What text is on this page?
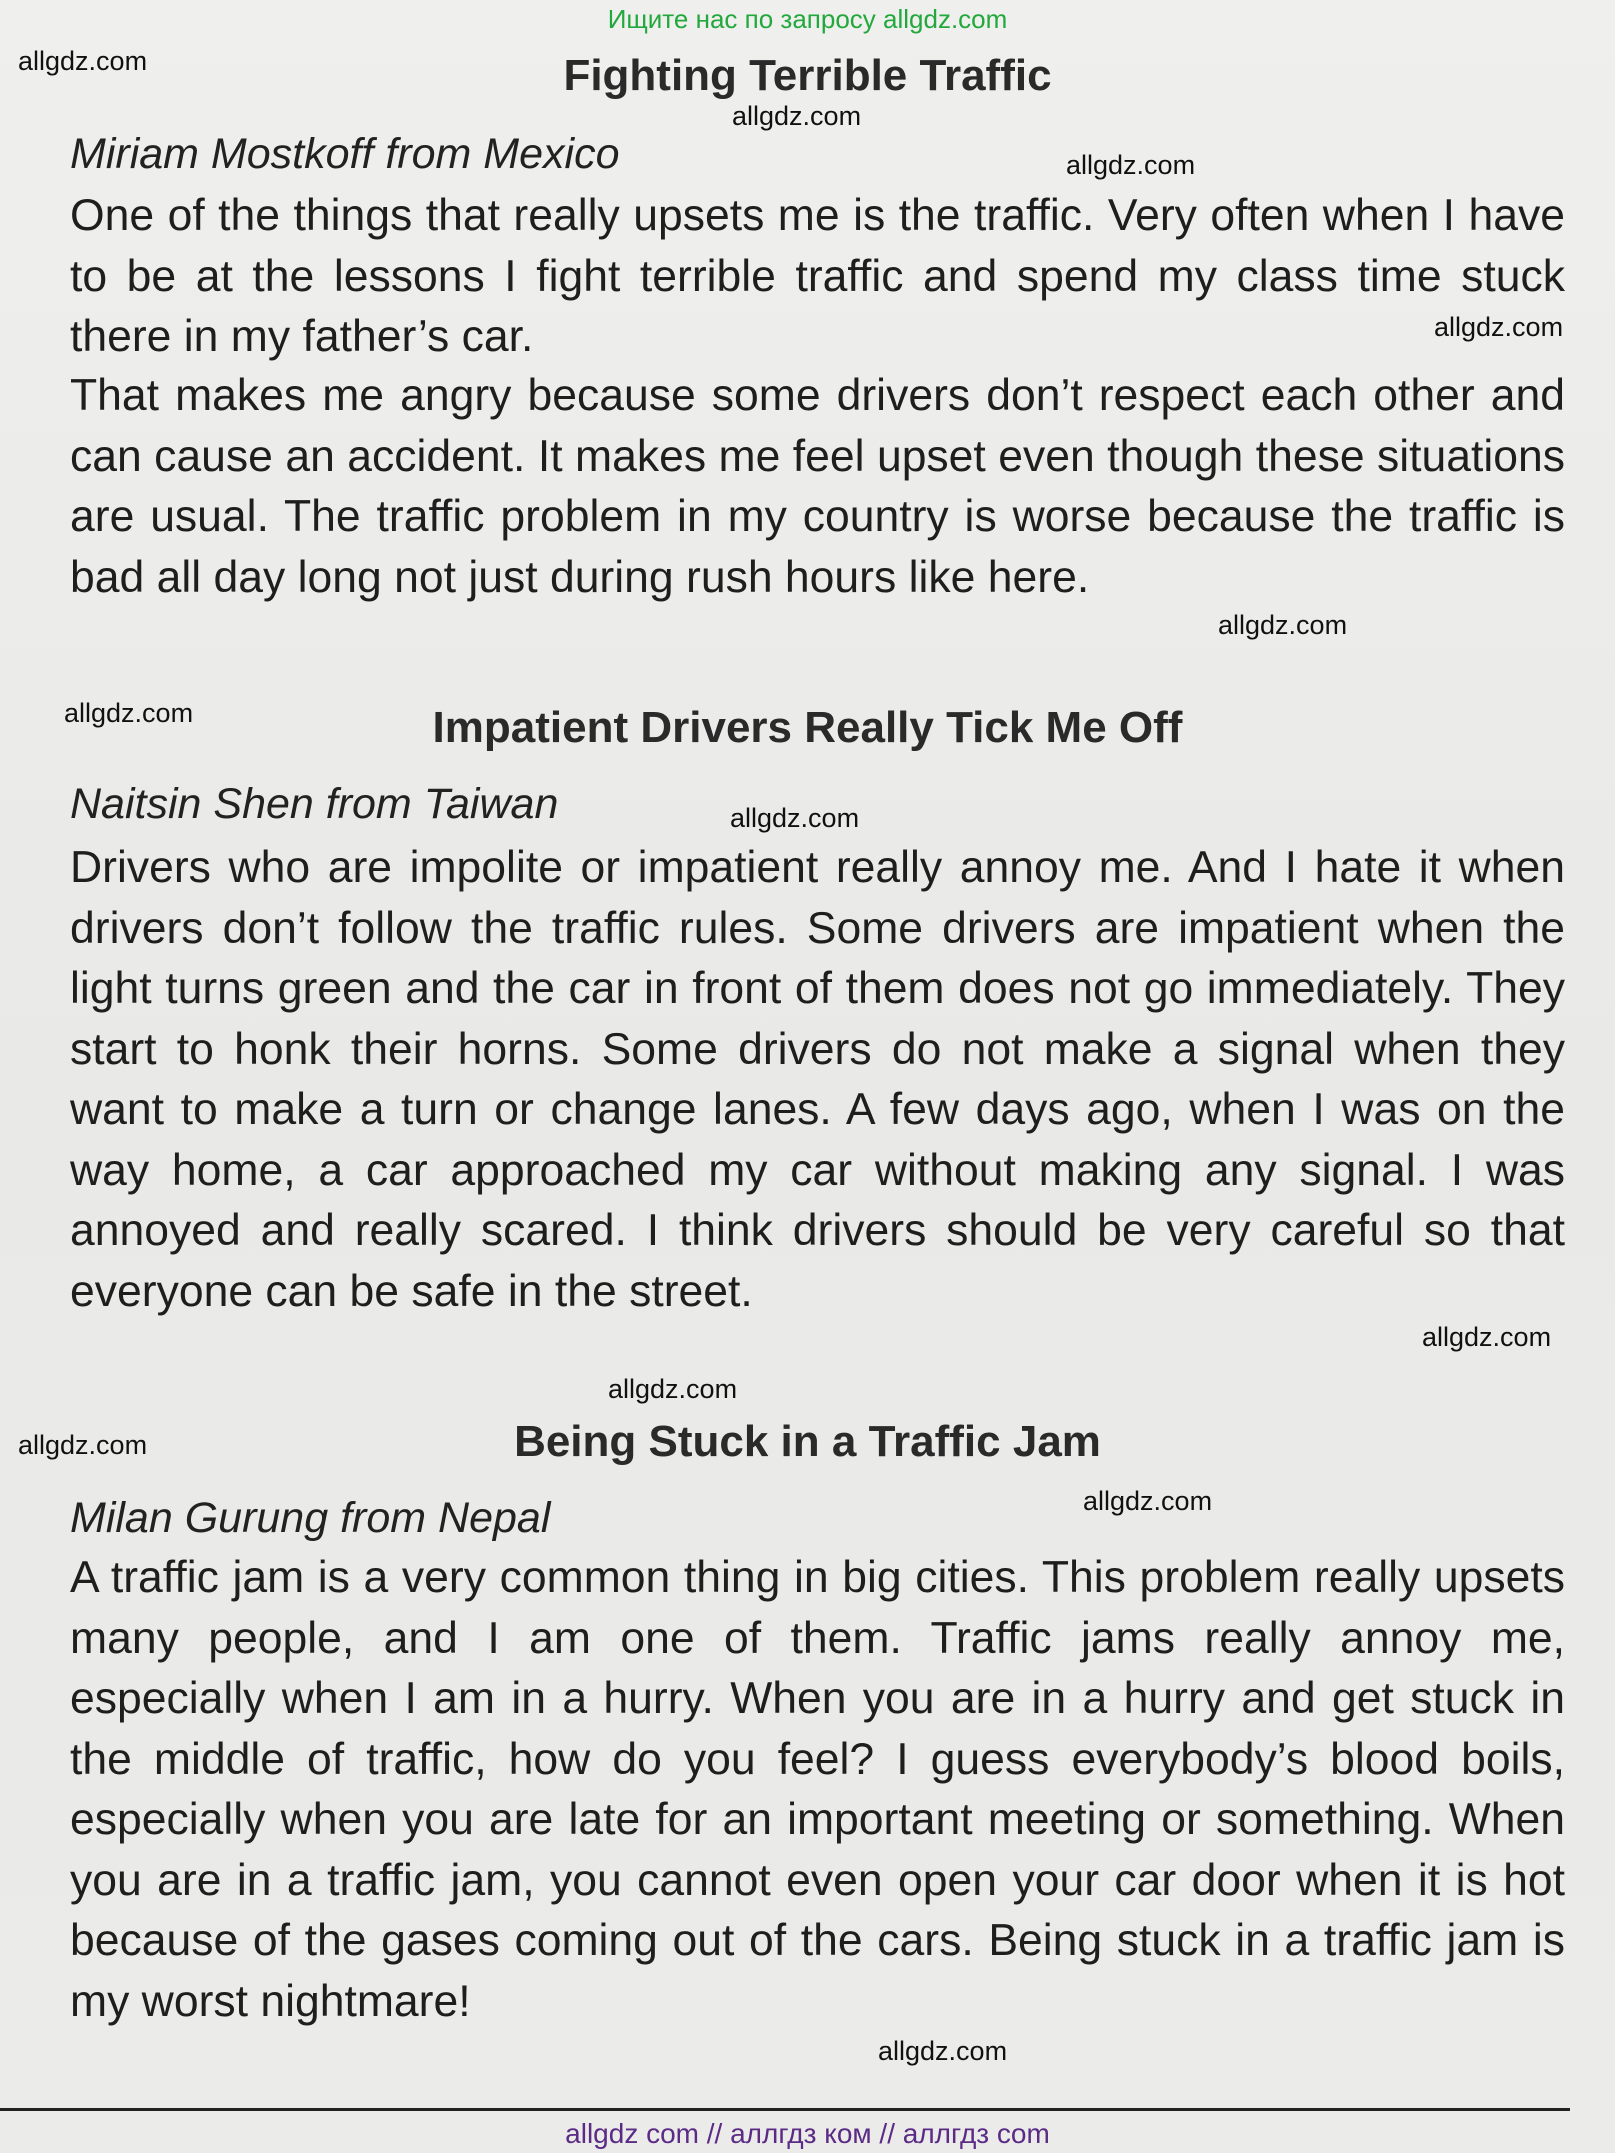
Ищите нас по запросу allgdz.com
allgdz.com
allgdz.com
allgdz.com
allgdz.com
allgdz.com
allgdz.com
allgdz.com
allgdz.com
allgdz.com
allgdz.com
allgdz.com
allgdz.com
Fighting Terrible Traffic
Miriam Mostkoff from Mexico
One of the things that really upsets me is the traffic. Very often when I have to be at the lessons I fight terrible traffic and spend my class time stuck there in my father’s car.
That makes me angry because some drivers don’t respect each other and can cause an accident. It makes me feel upset even though these situations are usual. The traffic problem in my country is worse because the traffic is bad all day long not just during rush hours like here.
Impatient Drivers Really Tick Me Off
Naitsin Shen from Taiwan
Drivers who are impolite or impatient really annoy me. And I hate it when drivers don’t follow the traffic rules. Some drivers are impatient when the light turns green and the car in front of them does not go immediately. They start to honk their horns. Some drivers do not make a signal when they want to make a turn or change lanes. A few days ago, when I was on the way home, a car approached my car without making any signal. I was annoyed and really scared. I think drivers should be very careful so that everyone can be safe in the street.
Being Stuck in a Traffic Jam
Milan Gurung from Nepal
A traffic jam is a very common thing in big cities. This problem really upsets many people, and I am one of them. Traffic jams really annoy me, especially when I am in a hurry. When you are in a hurry and get stuck in the middle of traffic, how do you feel? I guess everybody’s blood boils, especially when you are late for an important meeting or something. When you are in a traffic jam, you cannot even open your car door when it is hot because of the gases coming out of the cars. Being stuck in a traffic jam is my worst nightmare!
allgdz com // аллгдз ком // аллгдз com
